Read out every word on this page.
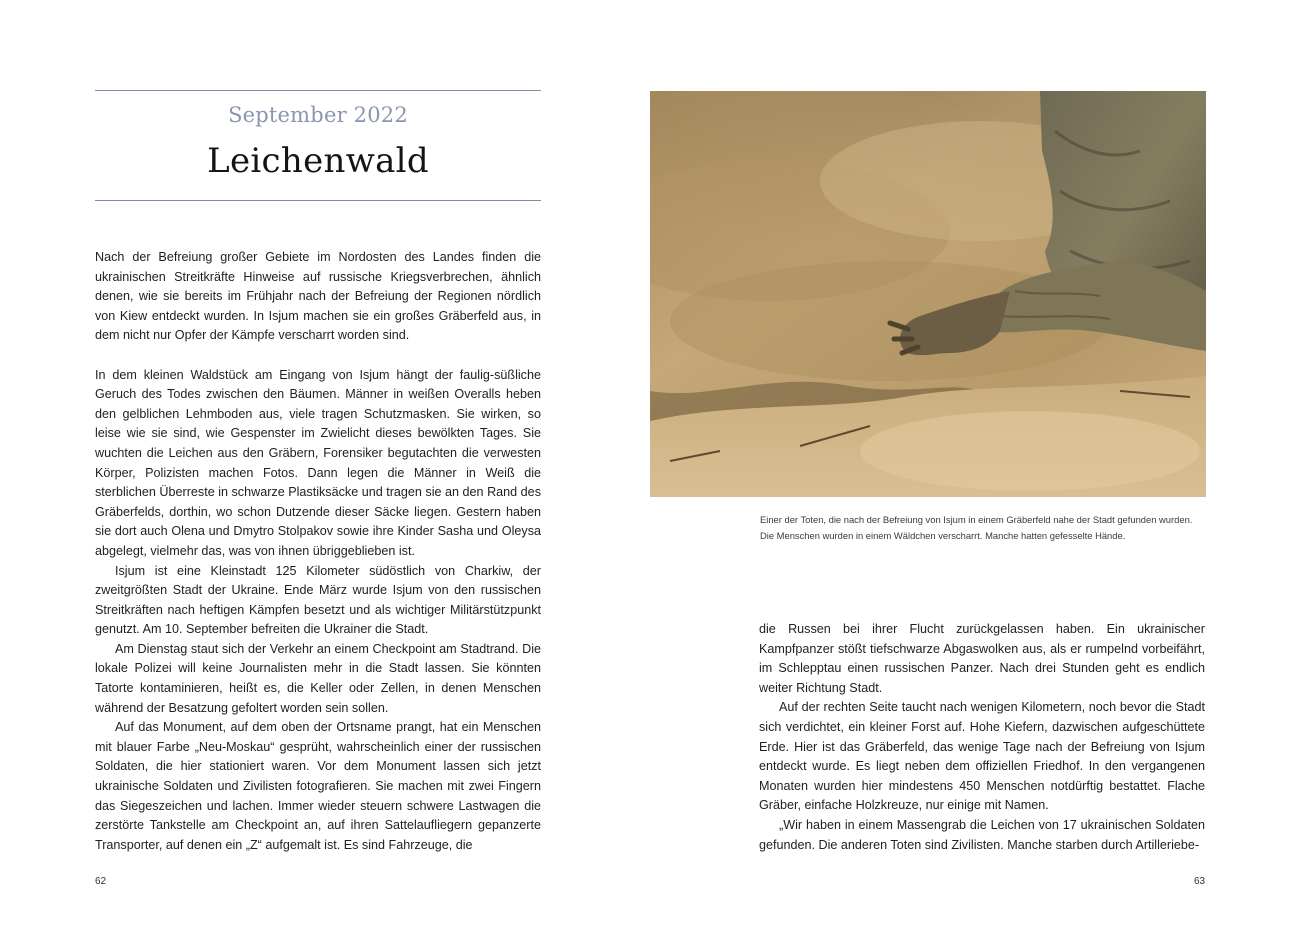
September 2022
Leichenwald

Nach der Befreiung großer Gebiete im Nordosten des Landes finden die ukrainischen Streitkräfte Hinweise auf russische Kriegsverbrechen, ähnlich denen, wie sie bereits im Frühjahr nach der Befreiung der Regionen nördlich von Kiew entdeckt wurden. In Isjum machen sie ein großes Gräberfeld aus, in dem nicht nur Opfer der Kämpfe verscharrt worden sind.

In dem kleinen Waldstück am Eingang von Isjum hängt der faulig-süßliche Geruch des Todes zwischen den Bäumen. Männer in weißen Overalls heben den gelblichen Lehmboden aus, viele tragen Schutzmasken. Sie wirken, so leise wie sie sind, wie Gespenster im Zwielicht dieses bewölkten Tages. Sie wuchten die Leichen aus den Gräbern, Forensiker begutachten die verwesten Körper, Polizisten machen Fotos. Dann legen die Männer in Weiß die sterblichen Überreste in schwarze Plastiksäcke und tragen sie an den Rand des Gräberfelds, dorthin, wo schon Dutzende dieser Säcke liegen. Gestern haben sie dort auch Olena und Dmytro Stolpakov sowie ihre Kinder Sasha und Oleysa abgelegt, vielmehr das, was von ihnen übriggeblieben ist.

Isjum ist eine Kleinstadt 125 Kilometer südöstlich von Charkiw, der zweitgrößten Stadt der Ukraine. Ende März wurde Isjum von den russischen Streitkräften nach heftigen Kämpfen besetzt und als wichtiger Militärstützpunkt genutzt. Am 10. September befreiten die Ukrainer die Stadt.

Am Dienstag staut sich der Verkehr an einem Checkpoint am Stadtrand. Die lokale Polizei will keine Journalisten mehr in die Stadt lassen. Sie könnten Tatorte kontaminieren, heißt es, die Keller oder Zellen, in denen Menschen während der Besatzung gefoltert worden sein sollen.

Auf das Monument, auf dem oben der Ortsname prangt, hat ein Menschen mit blauer Farbe „Neu-Moskau“ gesprüht, wahrscheinlich einer der russischen Soldaten, die hier stationiert waren. Vor dem Monument lassen sich jetzt ukrainische Soldaten und Zivilisten fotografieren. Sie machen mit zwei Fingern das Siegeszeichen und lachen. Immer wieder steuern schwere Lastwagen die zerstörte Tankstelle am Checkpoint an, auf ihren Sattelaufliegern gepanzerte Transporter, auf denen ein „Z“ aufgemalt ist. Es sind Fahrzeuge, die

62
Einer der Toten, die nach der Befreiung von Isjum in einem Gräberfeld nahe der Stadt gefunden wurden. Die Menschen wurden in einem Wäldchen verscharrt. Manche hatten gefesselte Hände.

die Russen bei ihrer Flucht zurückgelassen haben. Ein ukrainischer Kampfpanzer stößt tiefschwarze Abgaswolken aus, als er rumpelnd vorbeifährt, im Schlepptau einen russischen Panzer. Nach drei Stunden geht es endlich weiter Richtung Stadt.

Auf der rechten Seite taucht nach wenigen Kilometern, noch bevor die Stadt sich verdichtet, ein kleiner Forst auf. Hohe Kiefern, dazwischen aufgeschüttete Erde. Hier ist das Gräberfeld, das wenige Tage nach der Befreiung von Isjum entdeckt wurde. Es liegt neben dem offiziellen Friedhof. In den vergangenen Monaten wurden hier mindestens 450 Menschen notdürftig bestattet. Flache Gräber, einfache Holzkreuze, nur einige mit Namen.

„Wir haben in einem Massengrab die Leichen von 17 ukrainischen Soldaten gefunden. Die anderen Toten sind Zivilisten. Manche starben durch Artilleriebe-

63
